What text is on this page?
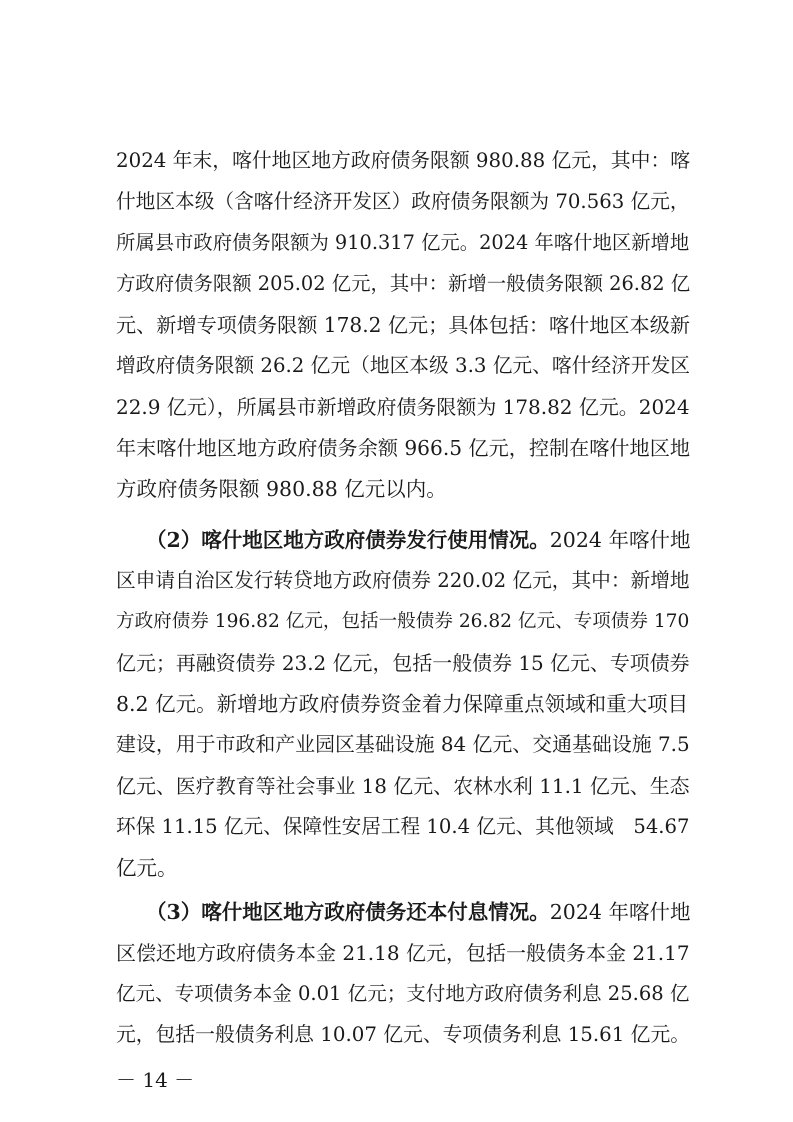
2024 年末，喀什地区地方政府债务限额 980.88 亿元，其中：喀
什地区本级（含喀什经济开发区）政府债务限额为 70.563 亿元，
所属县市政府债务限额为 910.317 亿元。2024 年喀什地区新增地
方政府债务限额 205.02 亿元，其中：新增一般债务限额 26.82 亿
元、新增专项债务限额 178.2 亿元；具体包括：喀什地区本级新
增政府债务限额 26.2 亿元（地区本级 3.3 亿元、喀什经济开发区
22.9 亿元），所属县市新增政府债务限额为 178.82 亿元。2024
年末喀什地区地方政府债务余额 966.5 亿元，控制在喀什地区地
方政府债务限额 980.88 亿元以内。
（2）喀什地区地方政府债券发行使用情况。2024 年喀什地
区申请自治区发行转贷地方政府债券 220.02 亿元，其中：新增地
方政府债券 196.82 亿元，包括一般债券 26.82 亿元、专项债券 170
亿元；再融资债券 23.2 亿元，包括一般债券 15 亿元、专项债券
8.2 亿元。新增地方政府债券资金着力保障重点领域和重大项目
建设，用于市政和产业园区基础设施 84 亿元、交通基础设施 7.5
亿元、医疗教育等社会事业 18 亿元、农林水利 11.1 亿元、生态
环保 11.15 亿元、保障性安居工程 10.4 亿元、其他领域　54.67
亿元。
（3）喀什地区地方政府债务还本付息情况。2024 年喀什地
区偿还地方政府债务本金 21.18 亿元，包括一般债务本金 21.17
亿元、专项债务本金 0.01 亿元；支付地方政府债务利息 25.68 亿
元，包括一般债务利息 10.07 亿元、专项债务利息 15.61 亿元。
－ 14 －
